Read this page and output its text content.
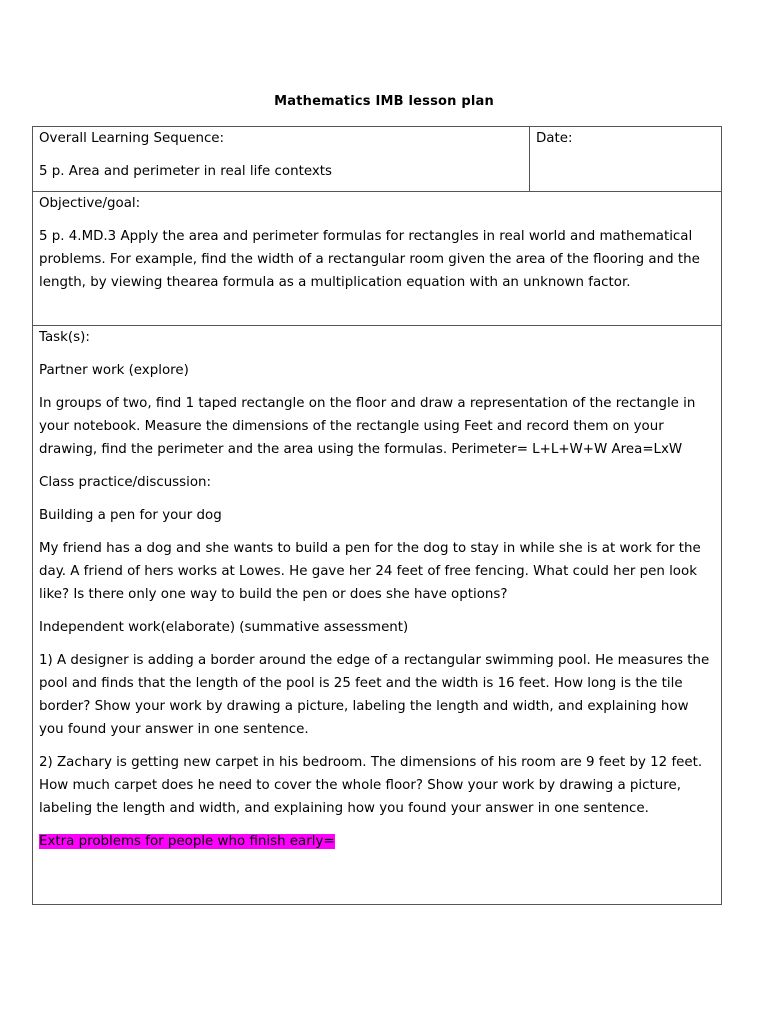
Mathematics IMB lesson plan

Overall Learning Sequence:

5 p. Area and perimeter in real life contexts

Date:

Objective/goal:

5 p. 4.MD.3 Apply the area and perimeter formulas for rectangles in real world and mathematical problems. For example, find the width of a rectangular room given the area of the flooring and the length, by viewing thearea formula as a multiplication equation with an unknown factor.

Task(s):

Partner work (explore)

In groups of two, find 1 taped rectangle on the floor and draw a representation of the rectangle in your notebook. Measure the dimensions of the rectangle using Feet and record them on your drawing, find the perimeter and the area using the formulas. Perimeter= L+L+W+W Area=LxW

Class practice/discussion:

Building a pen for your dog

My friend has a dog and she wants to build a pen for the dog to stay in while she is at work for the day. A friend of hers works at Lowes. He gave her 24 feet of free fencing. What could her pen look like? Is there only one way to build the pen or does she have options?

Independent work(elaborate) (summative assessment)

1) A designer is adding a border around the edge of a rectangular swimming pool. He measures the pool and finds that the length of the pool is 25 feet and the width is 16 feet. How long is the tile border? Show your work by drawing a picture, labeling the length and width, and explaining how you found your answer in one sentence.

2) Zachary is getting new carpet in his bedroom. The dimensions of his room are 9 feet by 12 feet. How much carpet does he need to cover the whole floor? Show your work by drawing a picture, labeling the length and width, and explaining how you found your answer in one sentence.

Extra problems for people who finish early=
